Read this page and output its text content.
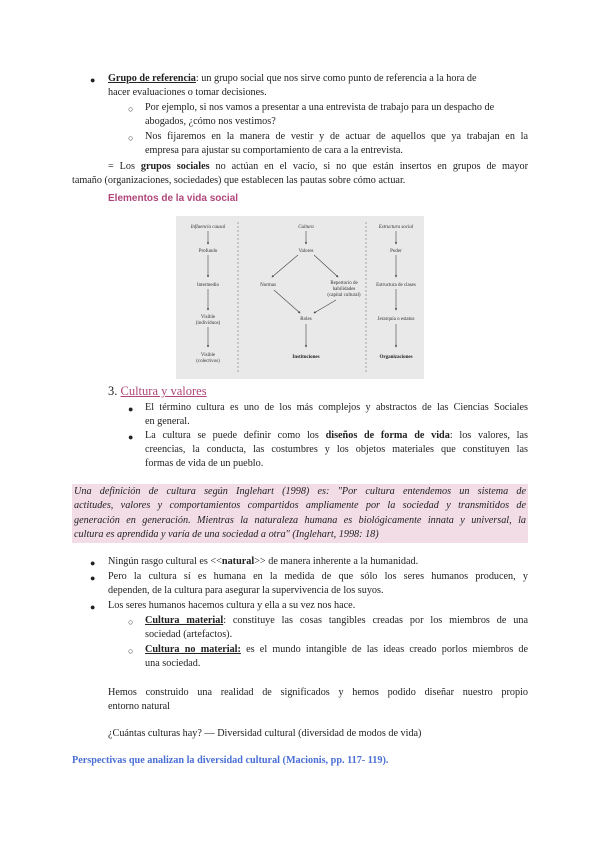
● Grupo de referencia: un grupo social que nos sirve como punto de referencia a la hora de
hacer evaluaciones o tomar decisiones.
○ Por ejemplo, si nos vamos a presentar a una entrevista de trabajo para un despacho de
abogados, ¿cómo nos vestimos?
○ Nos fijaremos en la manera de vestir y de actuar de aquellos que ya trabajan en la
empresa para ajustar su comportamiento de cara a la entrevista.
= Los grupos sociales no actúan en el vacío, si no que están insertos en grupos de mayor
tamaño (organizaciones, sociedades) que establecen las pautas sobre cómo actuar.
Elementos de la vida social
Influencia causal
Profundo
Intermedio
Visible
(individuos)
Visible
(colectivos)
Cultura
Valores
Normas	Repertorio de
habilidades
(capital cultural)
Roles
Instituciones
Estructura social
Poder
Estructura de clases
Jerarquía o estatus
Organizaciones
3. Cultura y valores
● El término cultura es uno de los más complejos y abstractos de las Ciencias Sociales
en general.
● La cultura se puede definir como los diseños de forma de vida: los valores, las
creencias, la conducta, las costumbres y los objetos materiales que constituyen las
formas de vida de un pueblo.
Una definición de cultura según Inglehart (1998) es: "Por cultura entendemos un sistema de
actitudes, valores y comportamientos compartidos ampliamente por la sociedad y transmitidos de
generación en generación. Mientras la naturaleza humana es biológicamente innata y universal, la
cultura es aprendida y varía de una sociedad a otra" (Inglehart, 1998: 18)
● Ningún rasgo cultural es <<natural>> de manera inherente a la humanidad.
● Pero la cultura sí es humana en la medida de que sólo los seres humanos producen, y
dependen, de la cultura para asegurar la supervivencia de los suyos.
● Los seres humanos hacemos cultura y ella a su vez nos hace.
○ Cultura material: constituye las cosas tangibles creadas por los miembros de una
sociedad (artefactos).
○ Cultura no material: es el mundo intangible de las ideas creado porlos miembros de
una sociedad.
Hemos construido una realidad de significados y hemos podido diseñar nuestro propio
entorno natural
¿Cuántas culturas hay? — Diversidad cultural (diversidad de modos de vida)
Perspectivas que analizan la diversidad cultural (Macionis, pp. 117- 119).
